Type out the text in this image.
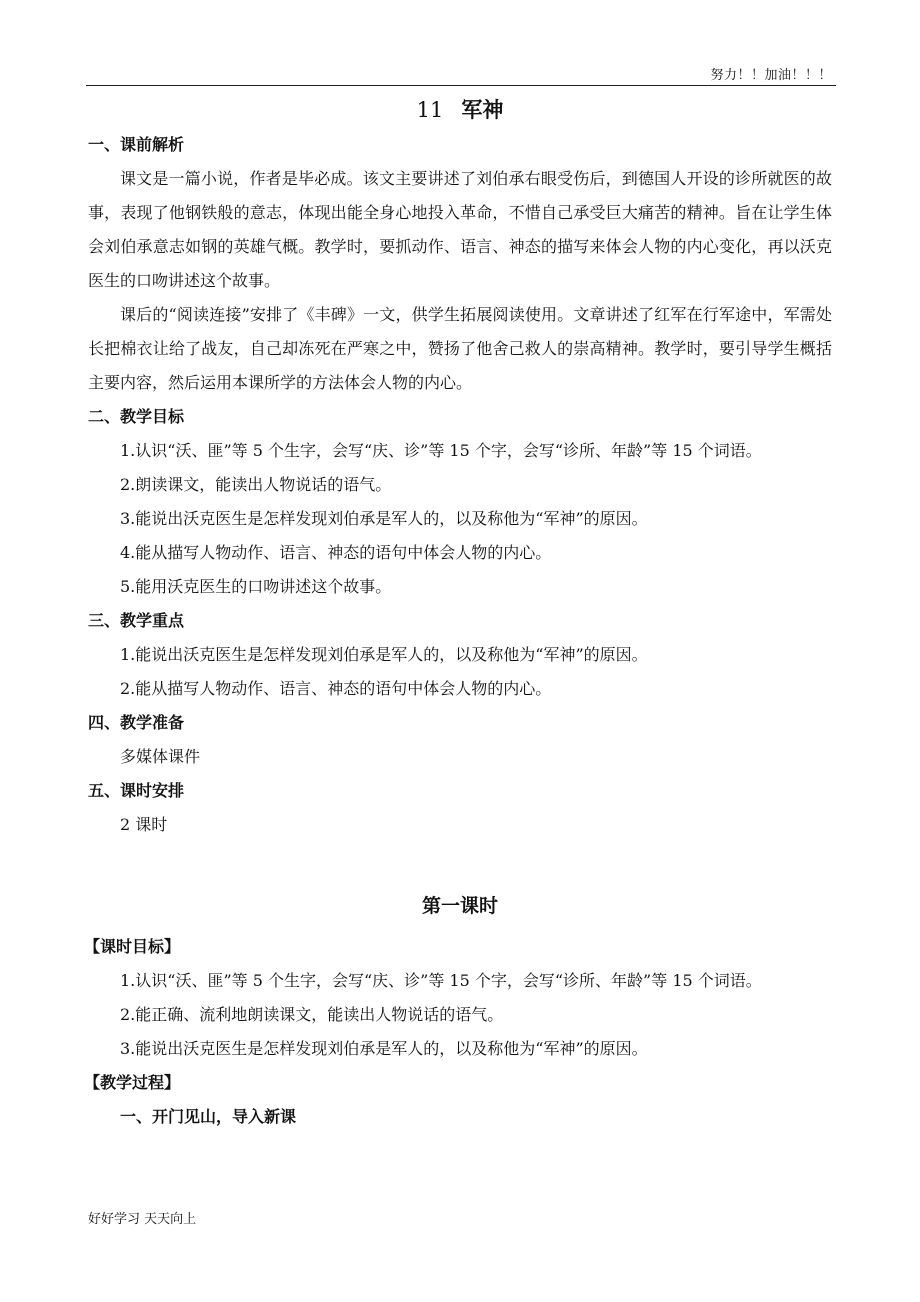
努力！！加油！！！
11 军神

一、课前解析

课文是一篇小说，作者是毕必成。该文主要讲述了刘伯承右眼受伤后，到德国人开设的诊所就医的故事，表现了他钢铁般的意志，体现出能全身心地投入革命，不惜自己承受巨大痛苦的精神。旨在让学生体会刘伯承意志如钢的英雄气概。教学时，要抓动作、语言、神态的描写来体会人物的内心变化，再以沃克医生的口吻讲述这个故事。

课后的“阅读连接”安排了《丰碑》一文，供学生拓展阅读使用。文章讲述了红军在行军途中，军需处长把棉衣让给了战友，自己却冻死在严寒之中，赞扬了他舍己救人的崇高精神。教学时，要引导学生概括主要内容，然后运用本课所学的方法体会人物的内心。

二、教学目标

1.认识“沃、匪”等 5 个生字，会写“庆、诊”等 15 个字，会写“诊所、年龄”等 15 个词语。

2.朗读课文，能读出人物说话的语气。

3.能说出沃克医生是怎样发现刘伯承是军人的，以及称他为“军神”的原因。

4.能从描写人物动作、语言、神态的语句中体会人物的内心。

5.能用沃克医生的口吻讲述这个故事。

三、教学重点

1.能说出沃克医生是怎样发现刘伯承是军人的，以及称他为“军神”的原因。

2.能从描写人物动作、语言、神态的语句中体会人物的内心。

四、教学准备

多媒体课件

五、课时安排

2 课时

第一课时

【课时目标】

1.认识“沃、匪”等 5 个生字，会写“庆、诊”等 15 个字，会写“诊所、年龄”等 15 个词语。

2.能正确、流利地朗读课文，能读出人物说话的语气。

3.能说出沃克医生是怎样发现刘伯承是军人的，以及称他为“军神”的原因。

【教学过程】

一、开门见山，导入新课

好好学习 天天向上
